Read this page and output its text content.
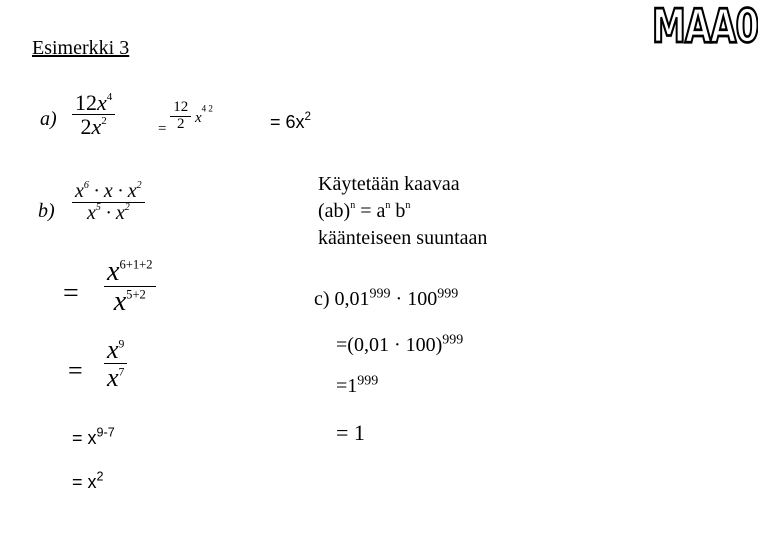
MAA0
Esimerkki 3
$a) \frac{12x^4}{2x^2}$	= $\frac{12}{2} x^{4 2}$
= $6x^2$
$b) \frac{x^6 \cdot x \cdot x^2}{x^5 \cdot x^2}$
= $\frac{x^{6+1+2}}{x^{5+2}}$
= $\frac{x^9}{x^7}$
= $x^{9-7}$
= $x^2$
Käytetään kaavaa
$(ab)^n = a^n$ $b^n$
käänteiseen suuntaan
c) $0,01^{999} \cdot 100^{999}$
$=(0,01 \cdot 100)^{999}$
$=1^{999}$
= 1
